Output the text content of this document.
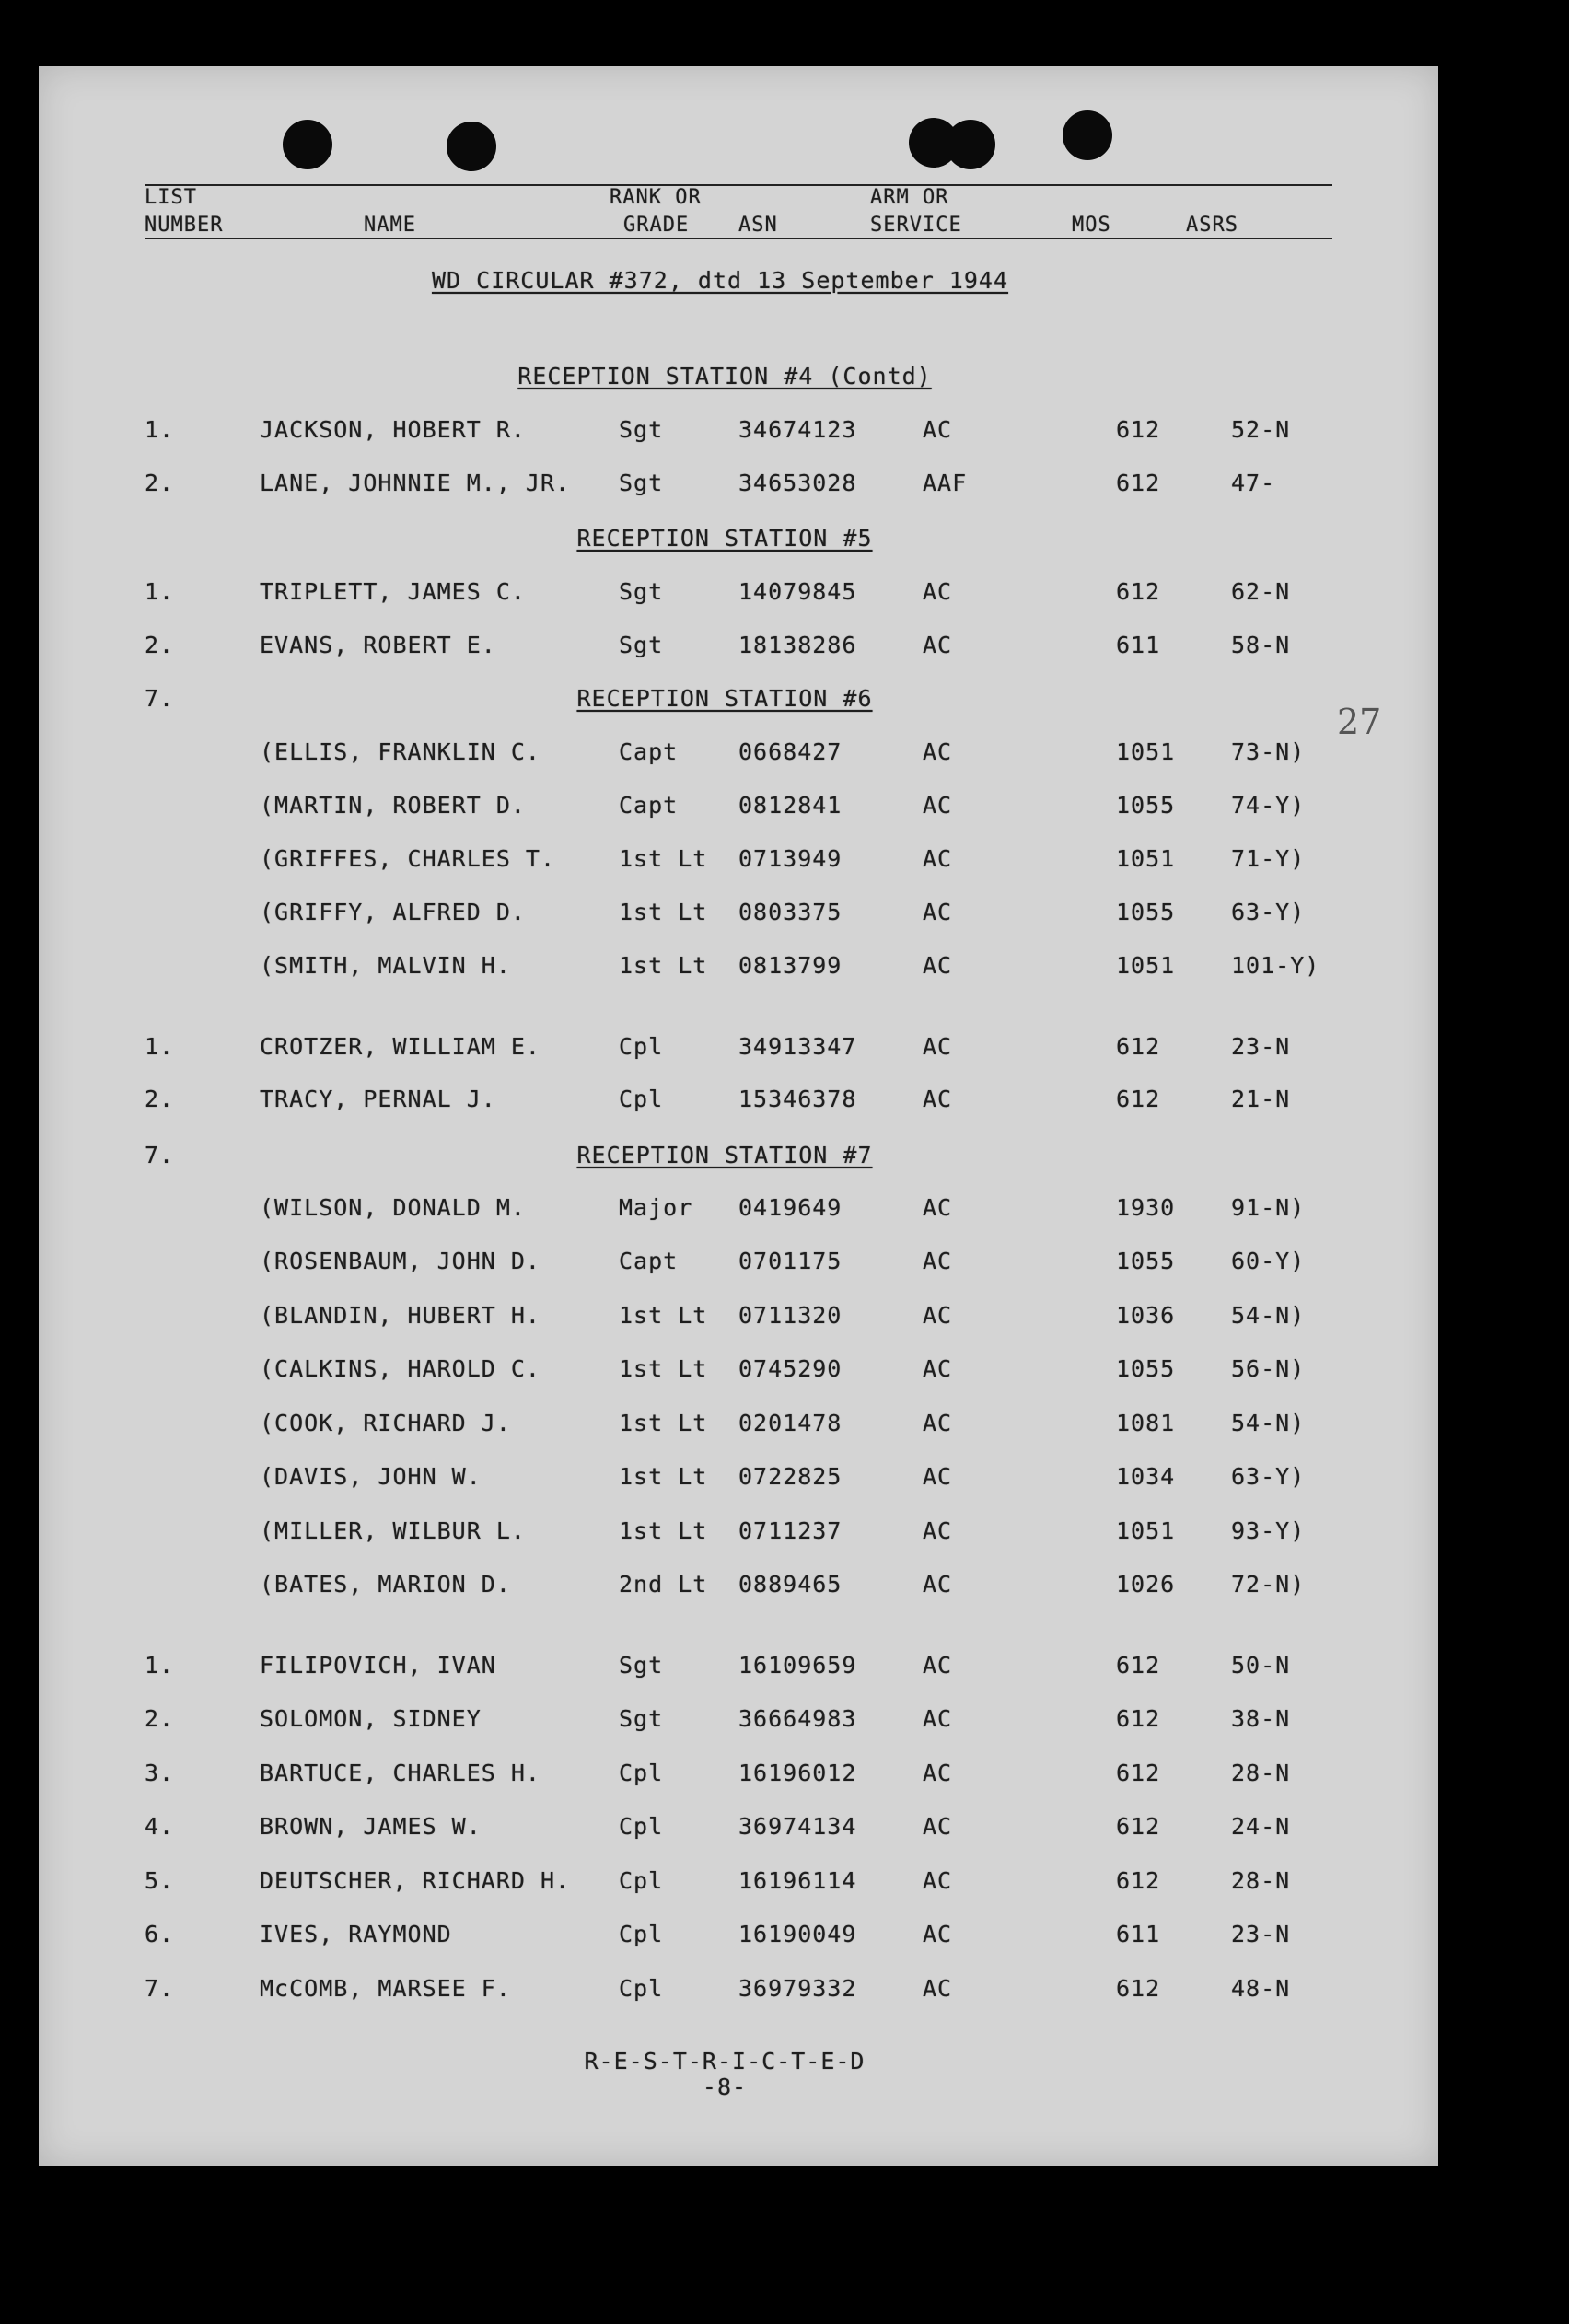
LIST
NUMBER	NAME
RANK OR
GRADE ASN
ARM OR
SERVICE	MOS	ASRS
WD CIRCULAR #372, dtd 13 September 1944
27
RECEPTION STATION #4 (Contd)
1.	JACKSON, HOBERT R.	Sgt	34674123	AC	612	52-N
2.	LANE, JOHNNIE M., JR. Sgt	34653028	AAF	612	47-
RECEPTION STATION #5
1.	TRIPLETT, JAMES C.	Sgt	14079845	AC	612	62-N
2.	EVANS, ROBERT E.	Sgt	18138286	AC	611	58-N
RECEPTION STATION #6
7.
(ELLIS, FRANKLIN C.	Capt	0668427	AC	1051 73-N)
(MARTIN, ROBERT D.	Capt	0812841	AC	1055 74-Y)
(GRIFFES, CHARLES T.	1st Lt 0713949	AC	1051 71-Y)
(GRIFFY, ALFRED D.	1st Lt 0803375	AC	1055 63-Y)
(SMITH, MALVIN H.	1st Lt 0813799	AC	1051 101-Y)
1.	CROTZER, WILLIAM E.	Cpl	34913347	AC	612	23-N
2.	TRACY, PERNAL J.	Cpl	15346378	AC	612	21-N
RECEPTION STATION #7
7.
(WILSON, DONALD M.	Major 0419649	AC	1930 91-N)
(ROSENBAUM, JOHN D.	Capt	0701175	AC	1055 60-Y)
(BLANDIN, HUBERT H.	1st Lt 0711320	AC	1036 54-N)
(CALKINS, HAROLD C.	1st Lt 0745290	AC	1055 56-N)
(COOK, RICHARD J.	1st Lt 0201478	AC	1081 54-N)
(DAVIS, JOHN W.	1st Lt 0722825	AC	1034 63-Y)
(MILLER, WILBUR L.	1st Lt 0711237	AC	1051 93-Y)
(BATES, MARION D.	2nd Lt 0889465	AC	1026 72-N)
1.	FILIPOVICH, IVAN	Sgt	16109659	AC	612	50-N
2.	SOLOMON, SIDNEY	Sgt	36664983	AC	612	38-N
3.	BARTUCE, CHARLES H.	Cpl	16196012	AC	612	28-N
4.	BROWN, JAMES W.	Cpl	36974134	AC	612	24-N
5.	DEUTSCHER, RICHARD H. Cpl	16196114	AC	612	28-N
6.	IVES, RAYMOND	Cpl	16190049	AC	611	23-N
7.	McCOMB, MARSEE F.	Cpl	36979332	AC	612	48-N
R-E-S-T-R-I-C-T-E-D
-8-
